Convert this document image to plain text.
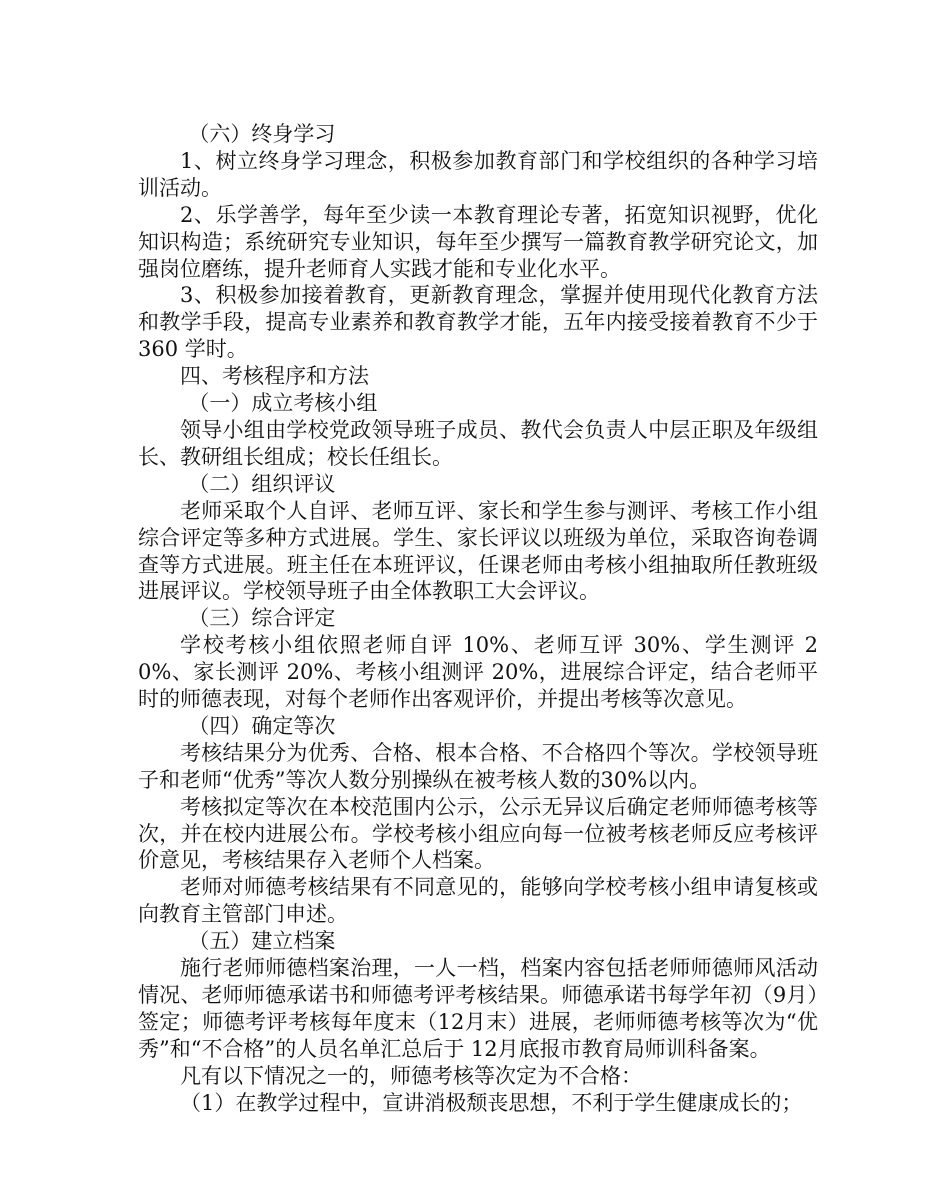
（六）终身学习

1、树立终身学习理念，积极参加教育部门和学校组织的各种学习培训活动。

2、乐学善学，每年至少读一本教育理论专著，拓宽知识视野，优化知识构造；系统研究专业知识，每年至少撰写一篇教育教学研究论文，加强岗位磨练，提升老师育人实践才能和专业化水平。

3、积极参加接着教育，更新教育理念，掌握并使用现代化教育方法和教学手段，提高专业素养和教育教学才能，五年内接受接着教育不少于 360 学时。

四、考核程序和方法

（一）成立考核小组

领导小组由学校党政领导班子成员、教代会负责人中层正职及年级组长、教研组长组成；校长任组长。

（二）组织评议

老师采取个人自评、老师互评、家长和学生参与测评、考核工作小组综合评定等多种方式进展。学生、家长评议以班级为单位，采取咨询卷调查等方式进展。班主任在本班评议，任课老师由考核小组抽取所任教班级进展评议。学校领导班子由全体教职工大会评议。

（三）综合评定

学校考核小组依照老师自评 10%、老师互评 30%、学生测评 20%、家长测评 20%、考核小组测评 20%，进展综合评定，结合老师平时的师德表现，对每个老师作出客观评价，并提出考核等次意见。

（四）确定等次

考核结果分为优秀、合格、根本合格、不合格四个等次。学校领导班子和老师“优秀”等次人数分别操纵在被考核人数的30%以内。

考核拟定等次在本校范围内公示，公示无异议后确定老师师德考核等次，并在校内进展公布。学校考核小组应向每一位被考核老师反应考核评价意见，考核结果存入老师个人档案。

老师对师德考核结果有不同意见的，能够向学校考核小组申请复核或向教育主管部门申述。

（五）建立档案

施行老师师德档案治理，一人一档，档案内容包括老师师德师风活动情况、老师师德承诺书和师德考评考核结果。师德承诺书每学年初（9月）签定；师德考评考核每年度末（12月末）进展，老师师德考核等次为“优秀”和“不合格”的人员名单汇总后于 12月底报市教育局师训科备案。

凡有以下情况之一的，师德考核等次定为不合格：

（1）在教学过程中，宣讲消极颓丧思想，不利于学生健康成长的；
